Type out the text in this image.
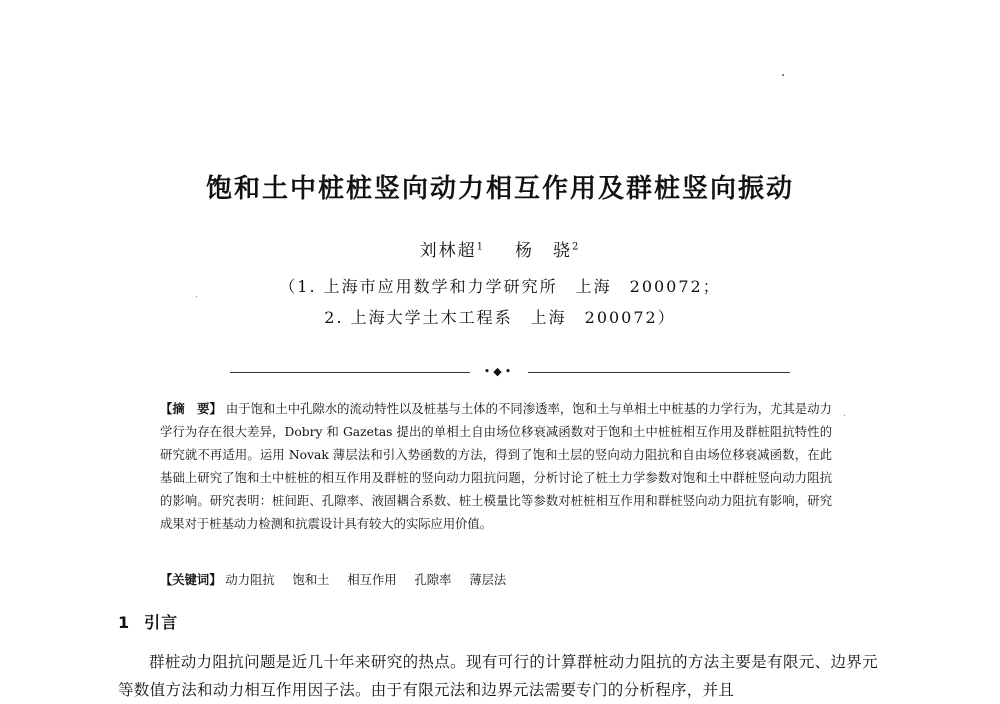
饱和土中桩桩竖向动力相互作用及群桩竖向振动
刘林超$^1$ 杨　骁$^2$
（1. 上海市应用数学和力学研究所　上海　200072；
2. 上海大学土木工程系　上海　200072）
•◆•

【摘　要】 由于饱和土中孔隙水的流动特性以及桩基与土体的不同渗透率，饱和土与单相土中桩基的力学行为，尤其是动力学行为存在很大差异，Dobry 和 Gazetas 提出的单相土自由场位移衰减函数对于饱和土中桩桩相互作用及群桩阻抗特性的研究就不再适用。运用 Novak 薄层法和引入势函数的方法，得到了饱和土层的竖向动力阻抗和自由场位移衰减函数，在此基础上研究了饱和土中桩桩的相互作用及群桩的竖向动力阻抗问题，分析讨论了桩土力学参数对饱和土中群桩竖向动力阻抗的影响。研究表明：桩间距、孔隙率、液固耦合系数、桩土模量比等参数对桩桩相互作用和群桩竖向动力阻抗有影响，研究成果对于桩基动力检测和抗震设计具有较大的实际应用价值。

【关键词】 动力阻抗 饱和土 相互作用 孔隙率 薄层法
1 引言

群桩动力阻抗问题是近几十年来研究的热点。现有可行的计算群桩动力阻抗的方法主要是有限元、边界元等数值方法和动力相互作用因子法。由于有限元法和边界元法需要专门的分析程序，并且
